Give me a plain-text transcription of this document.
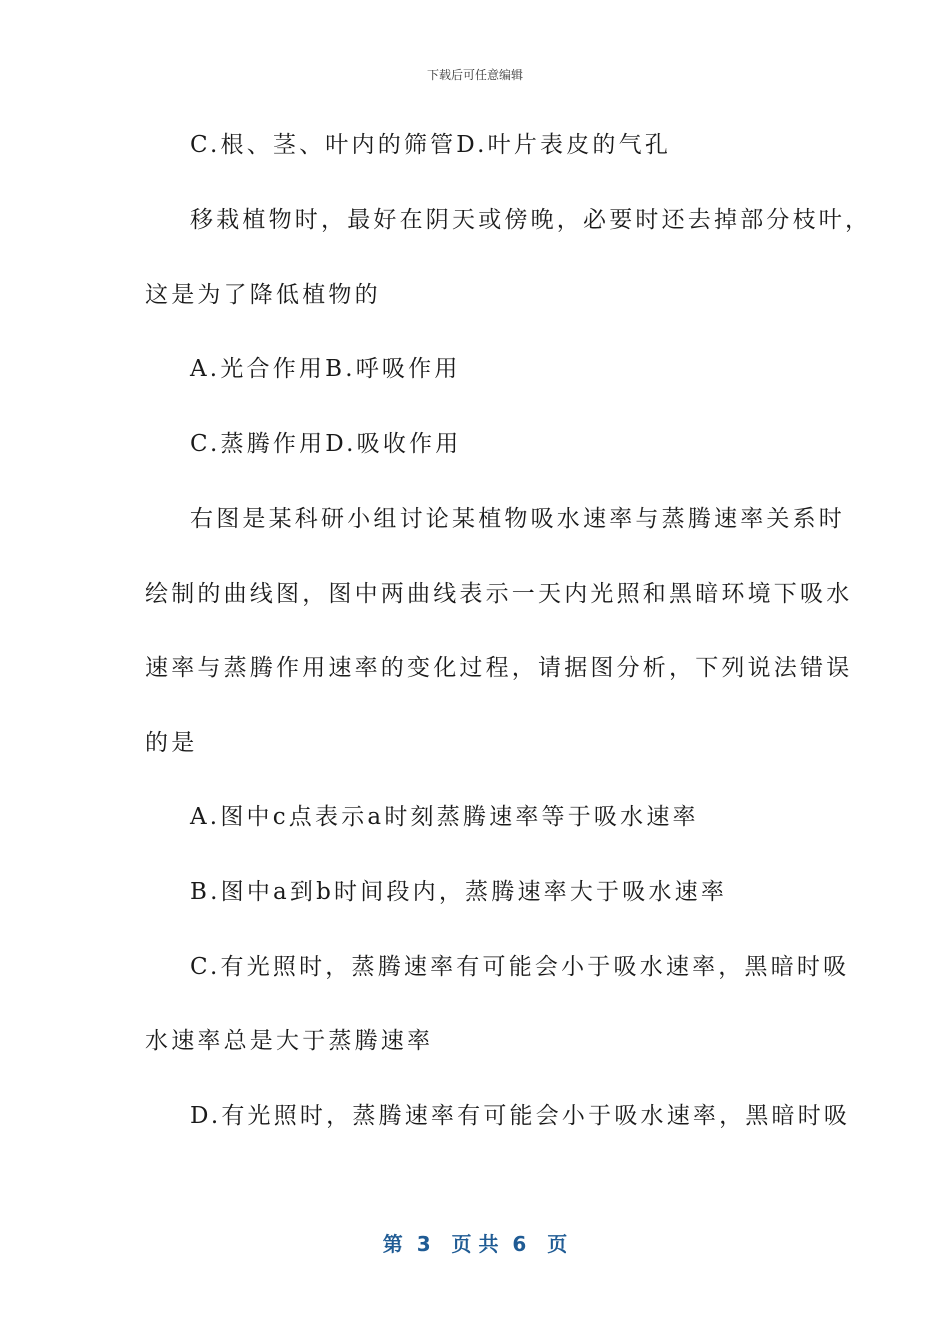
下载后可任意编辑
C.根、茎、叶内的筛管D.叶片表皮的气孔
移栽植物时，最好在阴天或傍晚，必要时还去掉部分枝叶，
这是为了降低植物的
A.光合作用B.呼吸作用
C.蒸腾作用D.吸收作用
右图是某科研小组讨论某植物吸水速率与蒸腾速率关系时
绘制的曲线图，图中两曲线表示一天内光照和黑暗环境下吸水
速率与蒸腾作用速率的变化过程，请据图分析，下列说法错误
的是
A.图中c点表示a时刻蒸腾速率等于吸水速率
B.图中a到b时间段内，蒸腾速率大于吸水速率
C.有光照时，蒸腾速率有可能会小于吸水速率，黑暗时吸
水速率总是大于蒸腾速率
D.有光照时，蒸腾速率有可能会小于吸水速率，黑暗时吸
第  3   页 共  6   页
